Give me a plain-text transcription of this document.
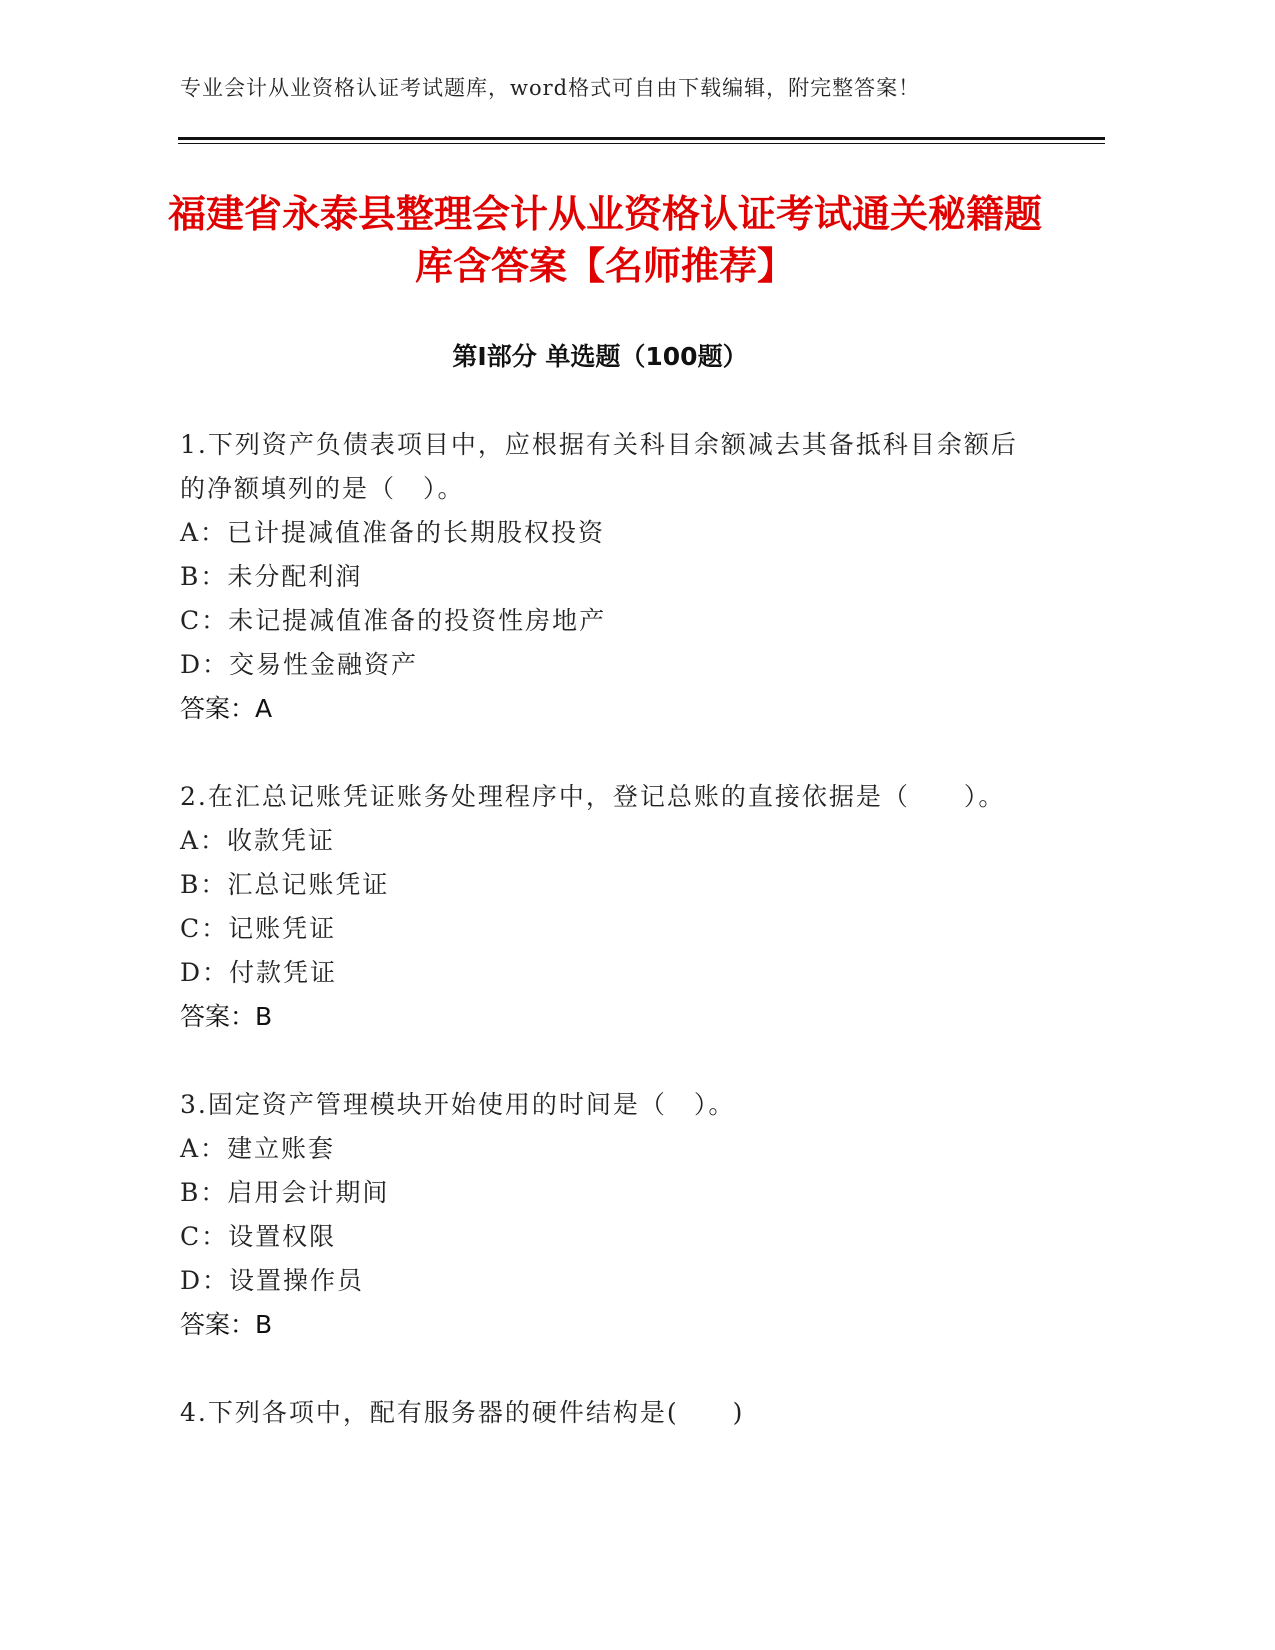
专业会计从业资格认证考试题库，word格式可自由下载编辑，附完整答案！
福建省永泰县整理会计从业资格认证考试通关秘籍题库含答案【名师推荐】
第I部分 单选题（100题）
1.下列资产负债表项目中，应根据有关科目余额减去其备抵科目余额后的净额填列的是（　）。
A：已计提减值准备的长期股权投资
B：未分配利润
C：未记提减值准备的投资性房地产
D：交易性金融资产
答案：A
2.在汇总记账凭证账务处理程序中，登记总账的直接依据是（　　）。
A：收款凭证
B：汇总记账凭证
C：记账凭证
D：付款凭证
答案：B
3.固定资产管理模块开始使用的时间是（　）。
A：建立账套
B：启用会计期间
C：设置权限
D：设置操作员
答案：B
4.下列各项中，配有服务器的硬件结构是(　　)
